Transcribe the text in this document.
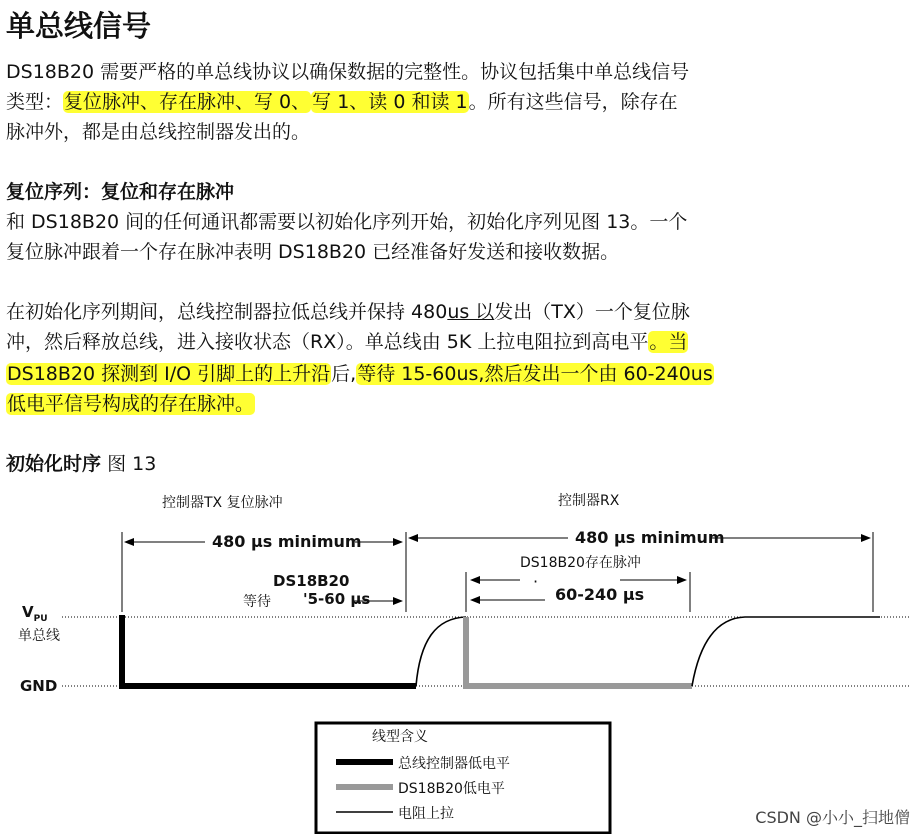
单总线信号
DS18B20 需要严格的单总线协议以确保数据的完整性。协议包括集中单总线信号
类型：复位脉冲、存在脉冲、写 0、 写 1、读 0 和读 1。所有这些信号，除存在
脉冲外，都是由总线控制器发出的。
复位序列：复位和存在脉冲
和 DS18B20 间的任何通讯都需要以初始化序列开始，初始化序列见图 13。一个
复位脉冲跟着一个存在脉冲表明 DS18B20 已经准备好发送和接收数据。
在初始化序列期间，总线控制器拉低总线并保持 480us 以发出（TX）一个复位脉
冲，然后释放总线，进入接收状态（RX）。单总线由 5K 上拉电阻拉到高电平。当
DS18B20 探测到 I/O 引脚上的上升沿后,等待 15-60us,然后发出一个由 60-240us
低电平信号构成的存在脉冲。
初始化时序 图 13
控制器TX 复位脉冲	控制器RX
480 µs minimum	480 µs minimum
DS18B20存在脉冲
DS18B20
等待 '5-60 µs
·
60-240 µs
$V_{PU}$
单总线
GND
线型含义
总线控制器低电平
DS18B20低电平
电阻上拉	CSDN @小小_扫地僧
